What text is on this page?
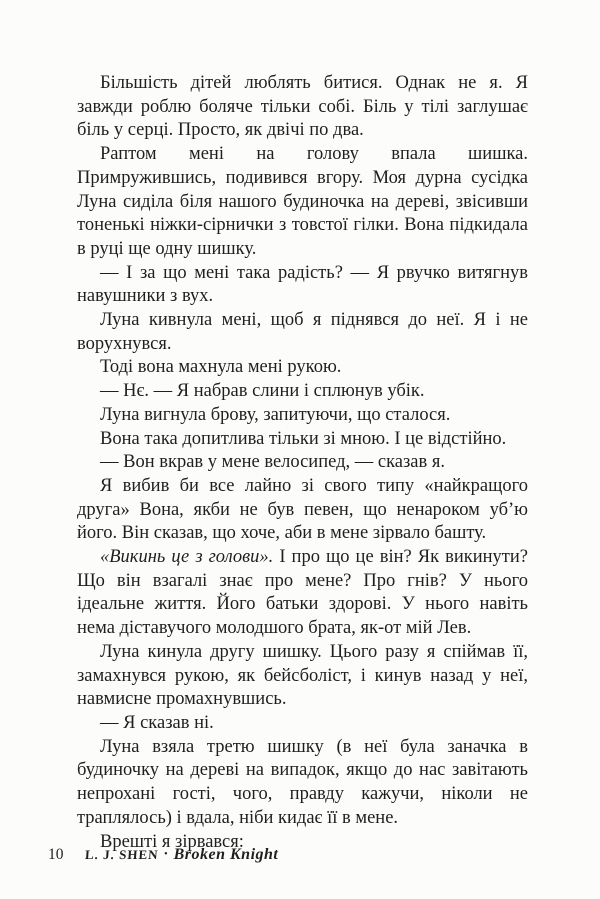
Більшість дітей люблять битися. Однак не я. Я завжди роблю боляче тільки собі. Біль у тілі заглушає біль у серці. Просто, як двічі по два.

Раптом мені на голову впала шишка. Примружившись, подивився вгору. Моя дурна сусідка Луна сиділа біля нашого будиночка на дереві, звісивши тоненькі ніжки-сірнички з товстої гілки. Вона підкидала в руці ще одну шишку.

— І за що мені така радість? — Я рвучко витягнув навушники з вух.

Луна кивнула мені, щоб я піднявся до неї. Я і не ворухнувся.

Тоді вона махнула мені рукою.

— Нє. — Я набрав слини і сплюнув убік.

Луна вигнула брову, запитуючи, що сталося.

Вона така допитлива тільки зі мною. І це відстійно.

— Вон вкрав у мене велосипед, — сказав я.

Я вибив би все лайно зі свого типу «найкращого друга» Вона, якби не був певен, що ненароком уб’ю його. Він сказав, що хоче, аби в мене зірвало башту.

«Викинь це з голови». І про що це він? Як викинути? Що він взагалі знає про мене? Про гнів? У нього ідеальне життя. Його батьки здорові. У нього навіть нема діставучого молодшого брата, як-от мій Лев.

Луна кинула другу шишку. Цього разу я спіймав її, замахнувся рукою, як бейсболіст, і кинув назад у неї, навмисне промахнувшись.

— Я сказав ні.

Луна взяла третю шишку (в неї була заначка в будиночку на дереві на випадок, якщо до нас завітають непрохані гості, чого, правду кажучи, ніколи не траплялось) і вдала, ніби кидає її в мене.

Врешті я зірвався:

10 L. J. SHEN • Broken Knight
